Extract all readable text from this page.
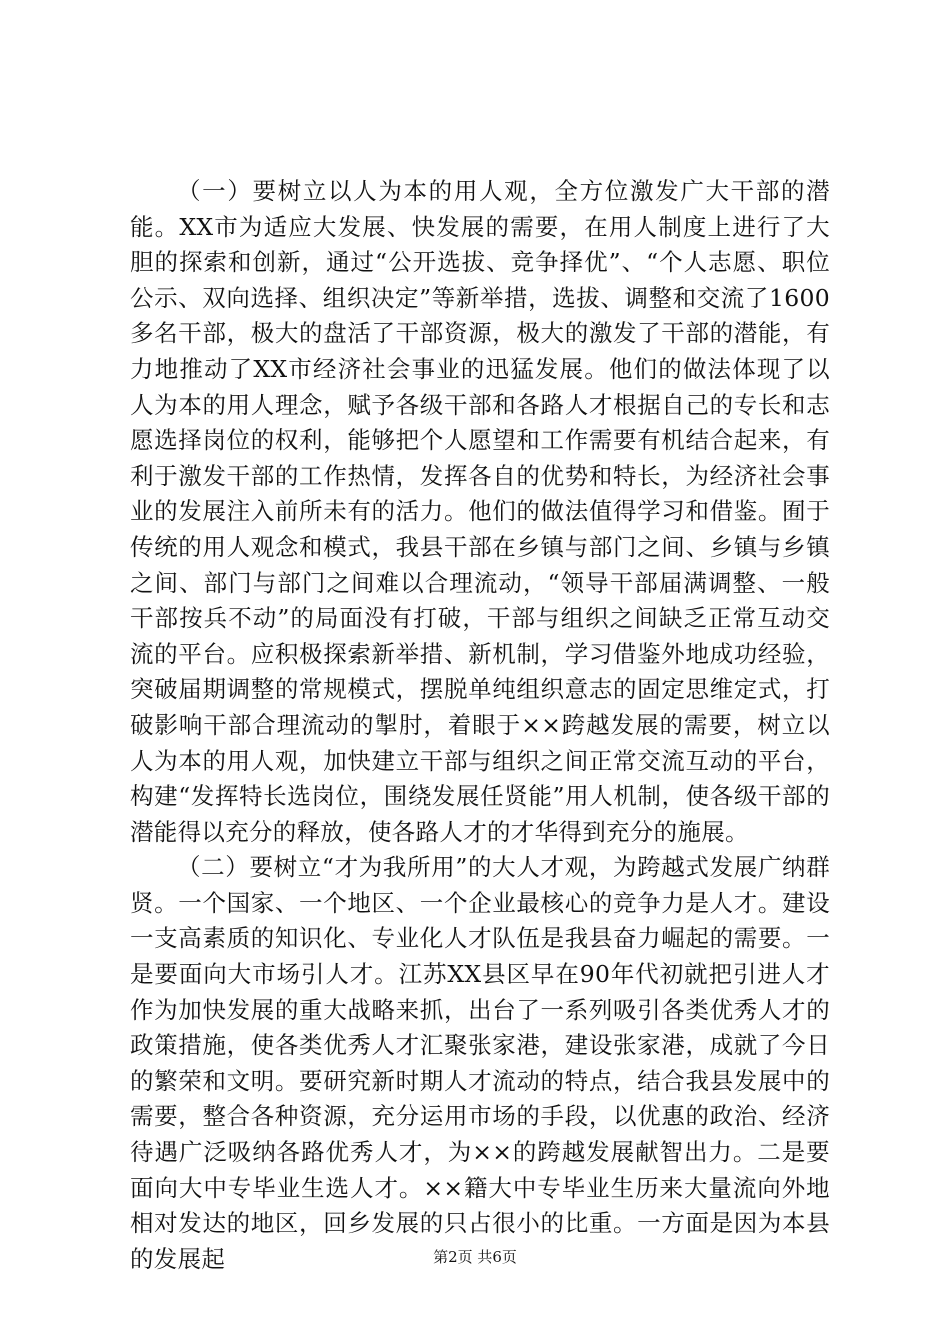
（一）要树立以人为本的用人观，全方位激发广大干部的潜能。XX市为适应大发展、快发展的需要，在用人制度上进行了大胆的探索和创新，通过“公开选拔、竞争择优”、“个人志愿、职位公示、双向选择、组织决定”等新举措，选拔、调整和交流了1600多名干部，极大的盘活了干部资源，极大的激发了干部的潜能，有力地推动了XX市经济社会事业的迅猛发展。他们的做法体现了以人为本的用人理念，赋予各级干部和各路人才根据自己的专长和志愿选择岗位的权利，能够把个人愿望和工作需要有机结合起来，有利于激发干部的工作热情，发挥各自的优势和特长，为经济社会事业的发展注入前所未有的活力。他们的做法值得学习和借鉴。囿于传统的用人观念和模式，我县干部在乡镇与部门之间、乡镇与乡镇之间、部门与部门之间难以合理流动，“领导干部届满调整、一般干部按兵不动”的局面没有打破，干部与组织之间缺乏正常互动交流的平台。应积极探索新举措、新机制，学习借鉴外地成功经验，突破届期调整的常规模式，摆脱单纯组织意志的固定思维定式，打破影响干部合理流动的掣肘，着眼于××跨越发展的需要，树立以人为本的用人观，加快建立干部与组织之间正常交流互动的平台，构建“发挥特长选岗位，围绕发展任贤能”用人机制，使各级干部的潜能得以充分的释放，使各路人才的才华得到充分的施展。

（二）要树立“才为我所用”的大人才观，为跨越式发展广纳群贤。一个国家、一个地区、一个企业最核心的竞争力是人才。建设一支高素质的知识化、专业化人才队伍是我县奋力崛起的需要。一是要面向大市场引人才。江苏XX县区早在90年代初就把引进人才作为加快发展的重大战略来抓，出台了一系列吸引各类优秀人才的政策措施，使各类优秀人才汇聚张家港，建设张家港，成就了今日的繁荣和文明。要研究新时期人才流动的特点，结合我县发展中的需要，整合各种资源，充分运用市场的手段，以优惠的政治、经济待遇广泛吸纳各路优秀人才，为××的跨越发展献智出力。二是要面向大中专毕业生选人才。××籍大中专毕业生历来大量流向外地相对发达的地区，回乡发展的只占很小的比重。一方面是因为本县的发展起	第2页 共6页
